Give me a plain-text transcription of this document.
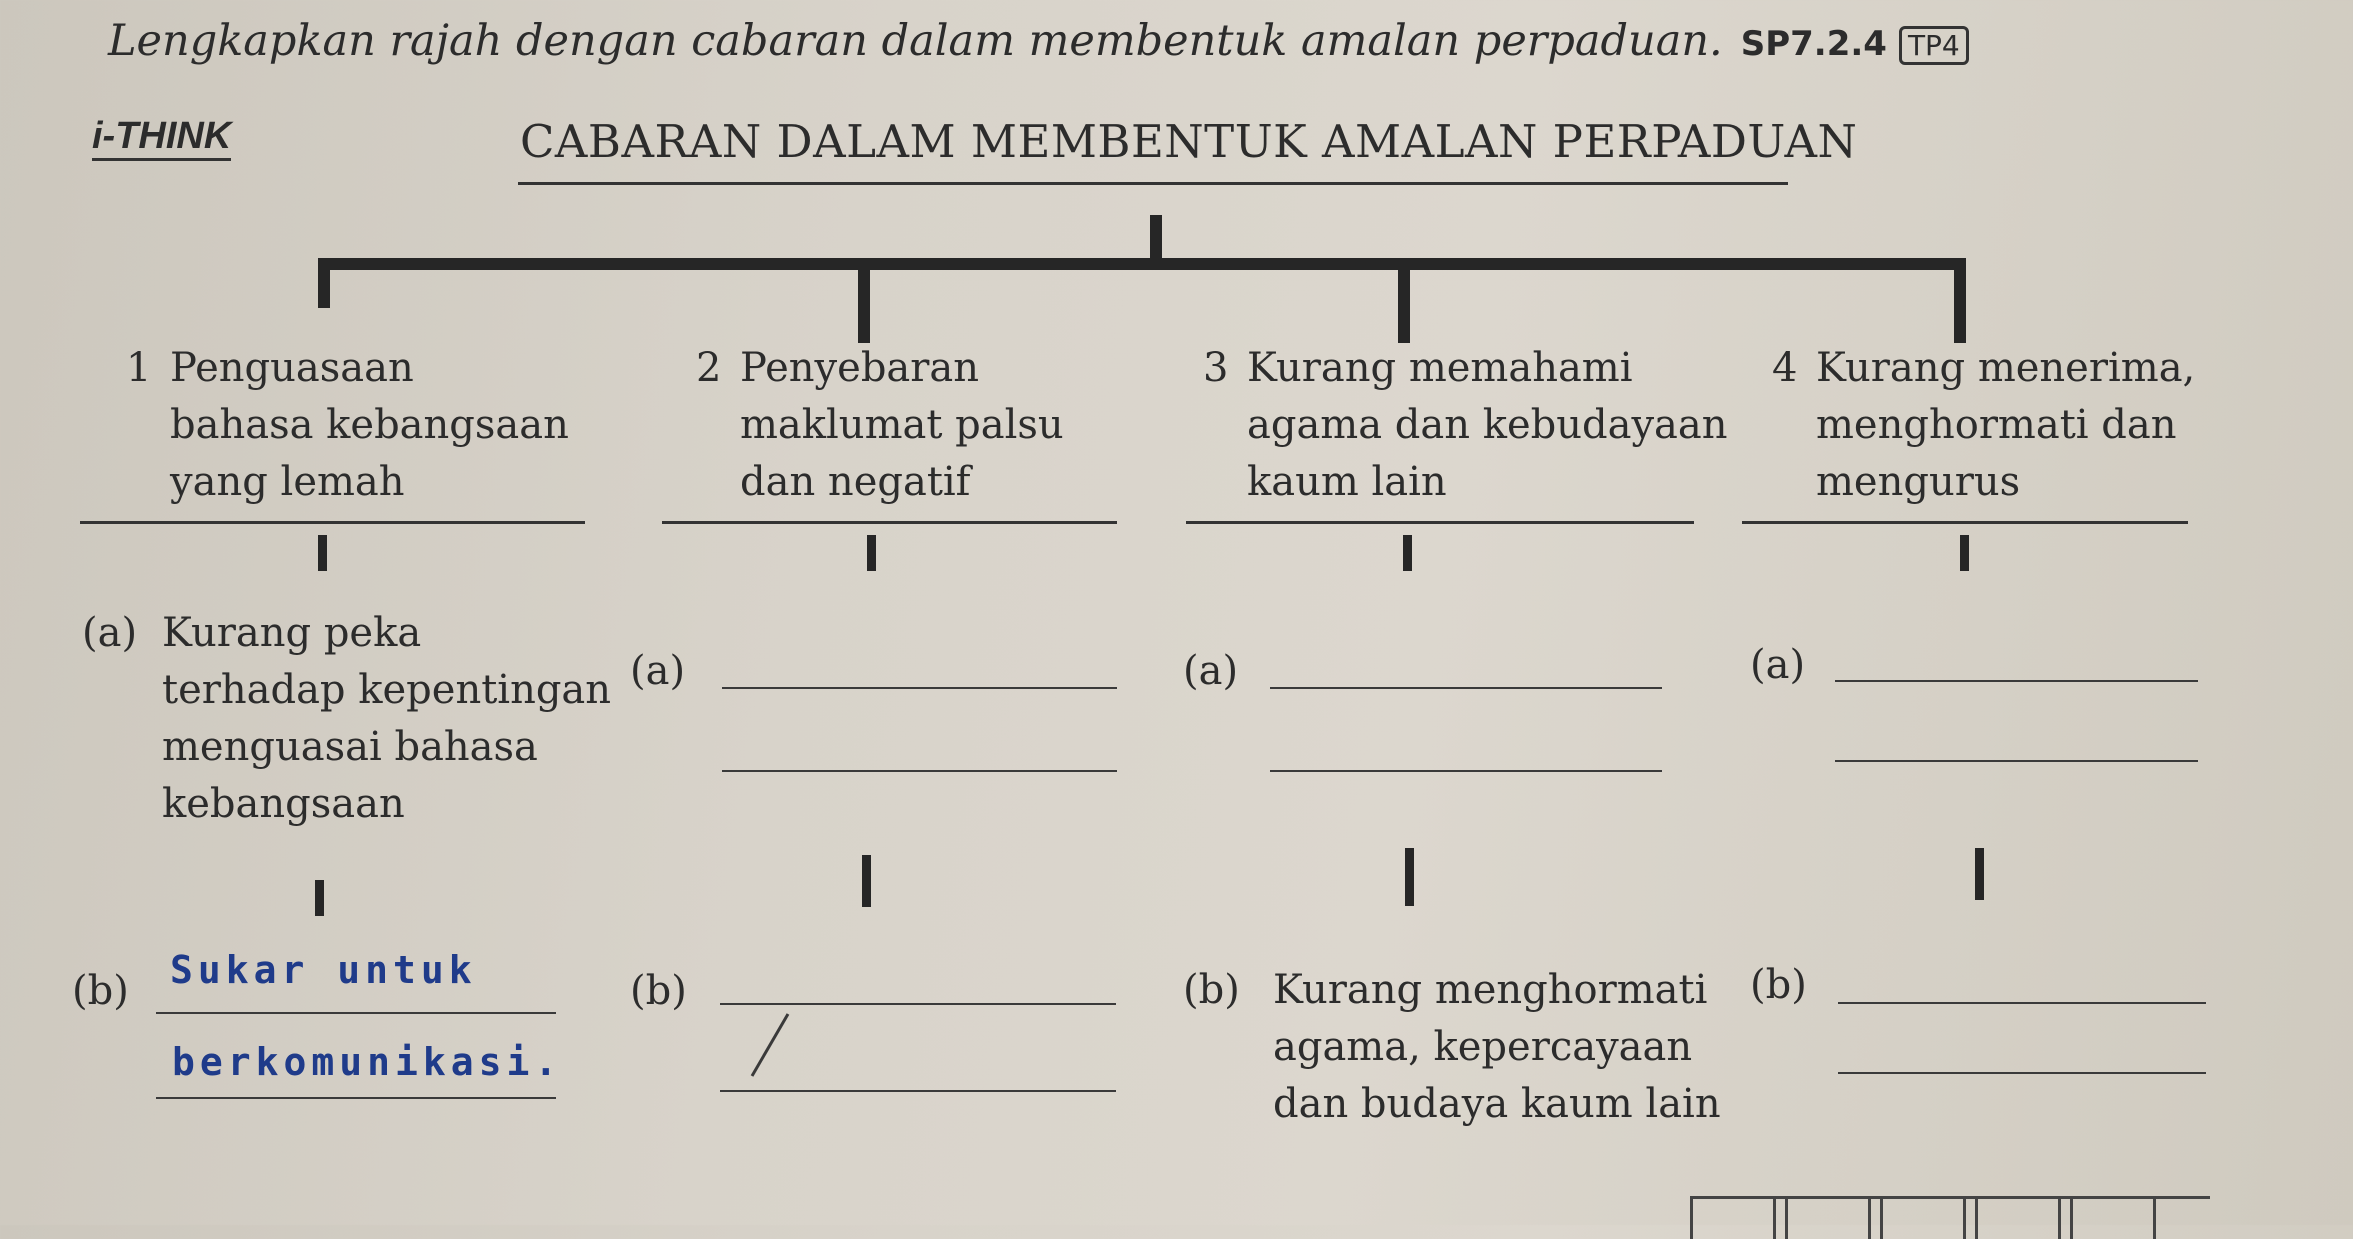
Lengkapkan rajah dengan cabaran dalam membentuk amalan perpaduan. SP7.2.4 TP4
i-THINK	CABARAN DALAM MEMBENTUK AMALAN PERPADUAN
1 Penguasaan
bahasa kebangsaan
yang lemah
2 Penyebaran
maklumat palsu
dan negatif
3 Kurang memahami
agama dan kebudayaan
kaum lain
4 Kurang menerima,
menghormati dan
mengurus
(a) Kurang peka
terhadap kepentingan
menguasai bahasa
kebangsaan
(a)	(a)	(a)
(b) Sukar untuk
berkomunikasi.
(b)	(b) Kurang menghormati
agama, kepercayaan
dan budaya kaum lain
(b)
